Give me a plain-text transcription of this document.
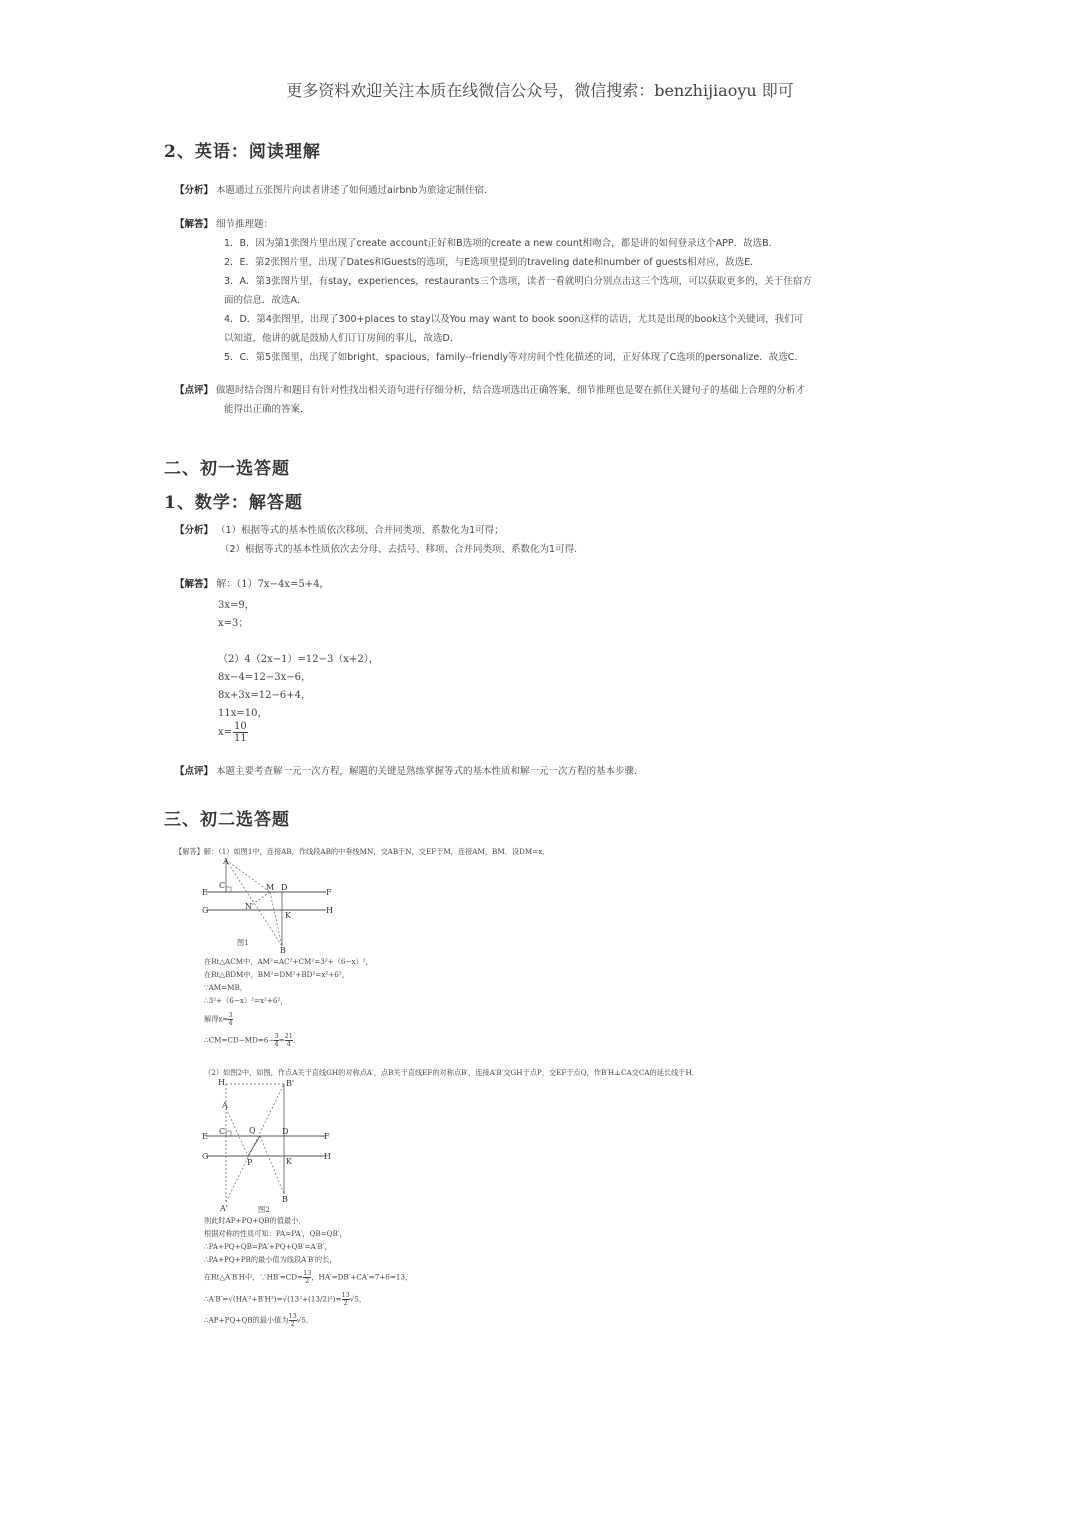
更多资料欢迎关注本质在线微信公众号，微信搜索：benzhijiaoyu 即可
2、英语：阅读理解
【分析】 本题通过五张图片向读者讲述了如何通过airbnb为旅途定制住宿．
【解答】 细节推理题：
1．B．因为第1张图片里出现了create account正好和B选项的create a new count相吻合，都是讲的如何登录这个APP．故选B．
2．E．第2张图片里，出现了Dates和Guests的选项，与E选项里提到的traveling date和number of guests相对应，故选E．
3．A．第3张图片里，有stay，experiences，restaurants三个选项，读者一看就明白分别点击这三个选项，可以获取更多的，关于住宿方
面的信息．故选A．
4．D．第4张图里，出现了300+places to stay以及You may want to book soon这样的话语，尤其是出现的book这个关键词，我们可
以知道，他讲的就是鼓励人们订订房间的事儿，故选D．
5．C．第5张图里，出现了如bright，spacious，family--friendly等对房间个性化描述的词，正好体现了C选项的personalize．故选C．
【点评】 做题时结合图片和题目有针对性找出相关语句进行仔细分析，结合选项选出正确答案，细节推理也是要在抓住关键句子的基础上合理的分析才
能得出正确的答案．
二、初一选答题
1、数学：解答题
【分析】 （1）根据等式的基本性质依次移项、合并同类项、系数化为1可得；
（2）根据等式的基本性质依次去分母、去括号、移项、合并同类项、系数化为1可得．
【解答】 解：（1）7x−4x=5+4，
3x=9，
x=3；
（2）4（2x−1）=12−3（x+2），
8x−4=12−3x−6，
8x+3x=12−6+4，
11x=10，
$x= \frac{10}{11}$
【点评】 本题主要考查解一元一次方程，解题的关键是熟练掌握等式的基本性质和解一元一次方程的基本步骤．
三、初二选答题
【解答】解：（1）如图1中，连接AB，作线段AB的中垂线MN，交AB于N，交EF于M，连接AM，BM．设DM=x．
A
C	M D
E	F
G	H
N
K
B
图1
在Rt△ACM中，AM²=AC²+CM²=3²+（6−x）²，
在Rt△BDM中，BM²=DM²+BD²=x²+6²，
∵AM=MB，
∴3²+（6−x）²=x²+6²，
解得$x= \frac{3}{4}$
∴CM=CD−MD=6− $\frac{3}{4} = \frac{21}{4}$ ．
（2）如图2中，如图，作点A关于直线GH的对称点A′，点B关于直线EF的对称点B′，连接A′B′交GH于点P，交EF于点Q，作B′H⊥CA交CA的延长线于H．
H	B'
A
C	Q	D
E	F
G
P	K
H
A'
B
图2
则此时AP+PQ+QB的值最小．
根据对称的性质可知：PA=PA′，QB=QB′，
∴PA+PQ+QB=PA′+PQ+QB′=A′B′，
∴PA+PQ+PB的最小值为线段A′B′的长，
在Rt△A′B′H中，∵HB′=CD= $\frac{13}{2}$ ，HA′=DB′+CA′=7+6=13，
∴A′B′=√(HA′²+B′H²)=√(13²+(13/2)²)= $\frac{13}{2} √5$，
∴AP+PQ+QB的最小值为 $\frac{13}{2} √5$．
